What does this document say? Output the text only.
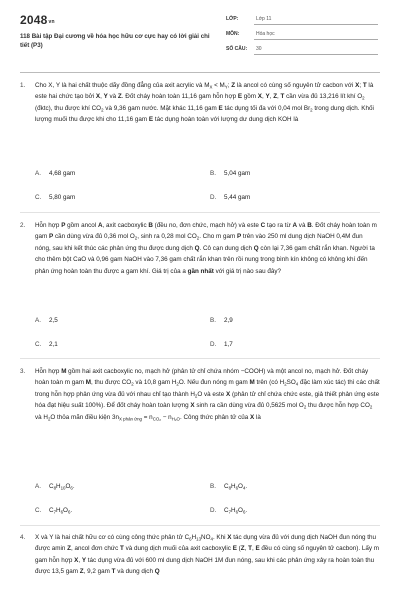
2048vn
118 Bài tập Đại cương về hóa học hữu cơ cực hay có lời giải chi tiết (P3)
LỚP:	Lớp 11
MÔN:	Hóa học
SỐ CÂU: 30
1. Cho X, Y là hai chất thuộc dãy đồng đẳng của axit acrylic và $M_X < M_Y$; Z là ancol có cùng số nguyên tử cacbon với X; T là este hai chức tạo bởi X, Y và Z. Đốt cháy hoàn toàn 11,16 gam hỗn hợp E gồm X, Y, Z, T cần vừa đủ 13,216 lít khí $O_2$ (đktc), thu được khí $CO_2$ và 9,36 gam nước. Mặt khác 11,16 gam E tác dụng tối đa với 0,04 mol $Br_2$ trong dung dịch. Khối lượng muối thu được khi cho 11,16 gam E tác dụng hoàn toàn với lượng dư dung dịch KOH là
A. 4,68 gam	B. 5,04 gam
C. 5,80 gam	D. 5,44 gam
2. Hỗn hợp P gồm ancol A, axit cacboxylic B (đều no, đơn chức, mạch hở) và este C tạo ra từ A và B. Đốt cháy hoàn toàn m gam P cần dùng vừa đủ 0,36 mol $O_2$, sinh ra 0,28 mol $CO_2$. Cho m gam P trên vào 250 ml dung dịch NaOH 0,4M đun nóng, sau khi kết thúc các phản ứng thu được dung dịch Q. Cô cạn dung dịch Q còn lại 7,36 gam chất rắn khan. Người ta cho thêm bột CaO và 0,96 gam NaOH vào 7,36 gam chất rắn khan trên rồi nung trong bình kín không có không khí đến phản ứng hoàn toàn thu được a gam khí. Giá trị của a gần nhất với giá trị nào sau đây?
A. 2,5	B. 2,9
C. 2,1	D. 1,7
3. Hỗn hợp M gồm hai axit cacboxylic no, mạch hở (phân tử chỉ chứa nhóm −COOH) và một ancol no, mạch hở. Đốt cháy hoàn toàn m gam M, thu được $CO_2$ và 10,8 gam $H_2O$. Nếu đun nóng m gam M trên (có $H_2SO_4$ đặc làm xúc tác) thì các chất trong hỗn hợp phản ứng vừa đủ với nhau chỉ tạo thành $H_2O$ và este X (phân tử chỉ chứa chức este, giả thiết phản ứng este hóa đạt hiệu suất 100%). Để đốt cháy hoàn toàn lượng X sinh ra cần dùng vừa đủ 0,5625 mol $O_2$ thu được hỗn hợp $CO_2$ và $H_2O$ thỏa mãn điều kiện $3n_{X phản ứng} = n_{CO_2} - n_{H_2O}$. Công thức phân tử của X là
A. $C_8H_{10}O_6$.	B. $C_8H_6O_4$.
C. $C_7H_6O_6$.	D. $C_7H_6O_6$.
4. X và Y là hai chất hữu cơ có cùng công thức phân tử $C_6H_{13}NO_4$. Khi X tác dụng vừa đủ với dung dịch NaOH đun nóng thu được amin Z, ancol đơn chức T và dung dịch muối của axit cacboxylic E (Z, T, E đều có cùng số nguyên tử cacbon). Lấy m gam hỗn hợp X, Y tác dụng vừa đủ với 600 ml dung dịch NaOH 1M đun nóng, sau khi các phản ứng xảy ra hoàn toàn thu được 13,5 gam Z, 9,2 gam T và dung dịch Q
